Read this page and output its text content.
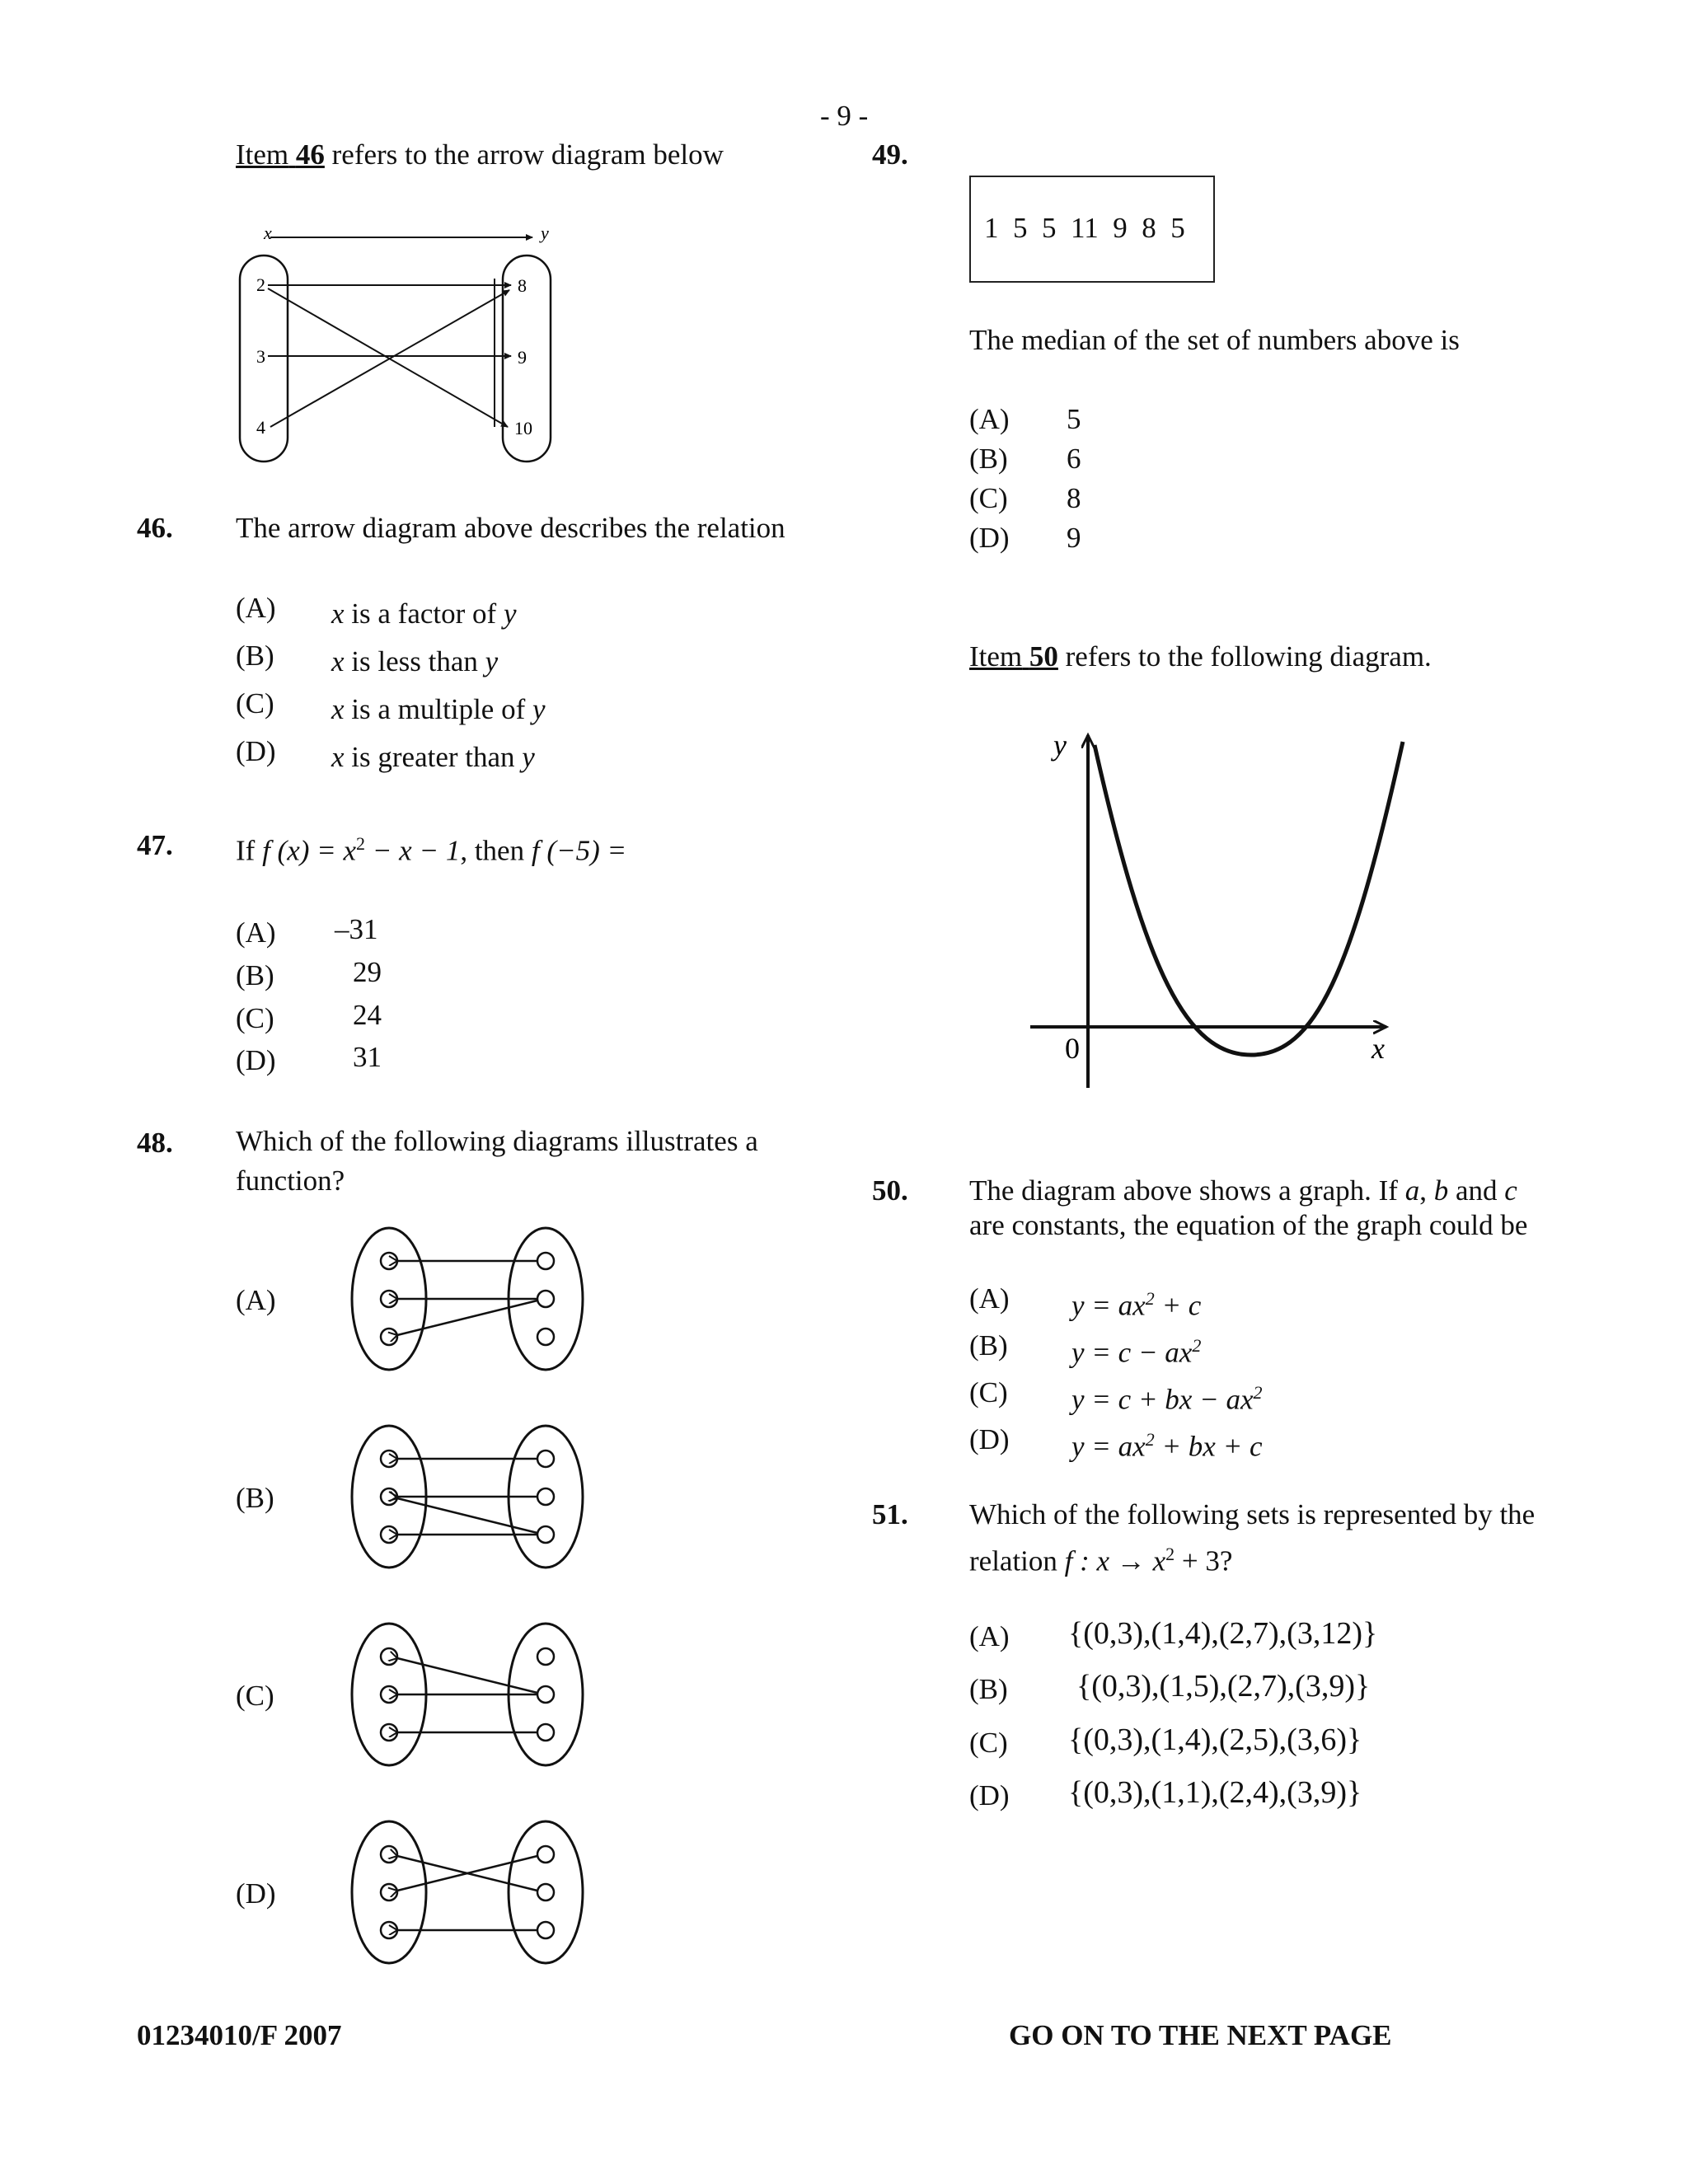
- 9 -
Item 46 refers to the arrow diagram below
x	y
2
3
4
8
9
10
46. The arrow diagram above describes the relation
(A) x is a factor of y
(B) x is less than y
(C) x is a multiple of y
(D) x is greater than y
47. If f $(x) = x^2 - x - 1$, then f (−5) =
(A) –31
(B)	29
(C)	24
(D)	31
48. Which of the following diagrams illustrates a
function?
(A)
(B)
(C)
(D)
49.
1  5  5  11  9  8  5
The median of the set of numbers above is
(A) 5
(B) 6
(C) 8
(D) 9
Item 50 refers to the following diagram.
y
x
0
50. The diagram above shows a graph. If a, b and c
are constants, the equation of the graph could be
(A) $y = ax^2 + c$
(B) $y = c - ax^2$
(C) y = c + bx − $ax^2$
(D) $y = ax^2$ + bx + c
51. Which of the following sets is represented by the
relation f : $x \to x^2 + 3$?
(A) {(0,3),(1,4),(2,7),(3,12)}
(B) {(0,3),(1,5),(2,7),(3,9)}
(C) {(0,3),(1,4),(2,5),(3,6)}
(D) {(0,3),(1,1),(2,4),(3,9)}
01234010/F 2007	GO ON TO THE NEXT PAGE
